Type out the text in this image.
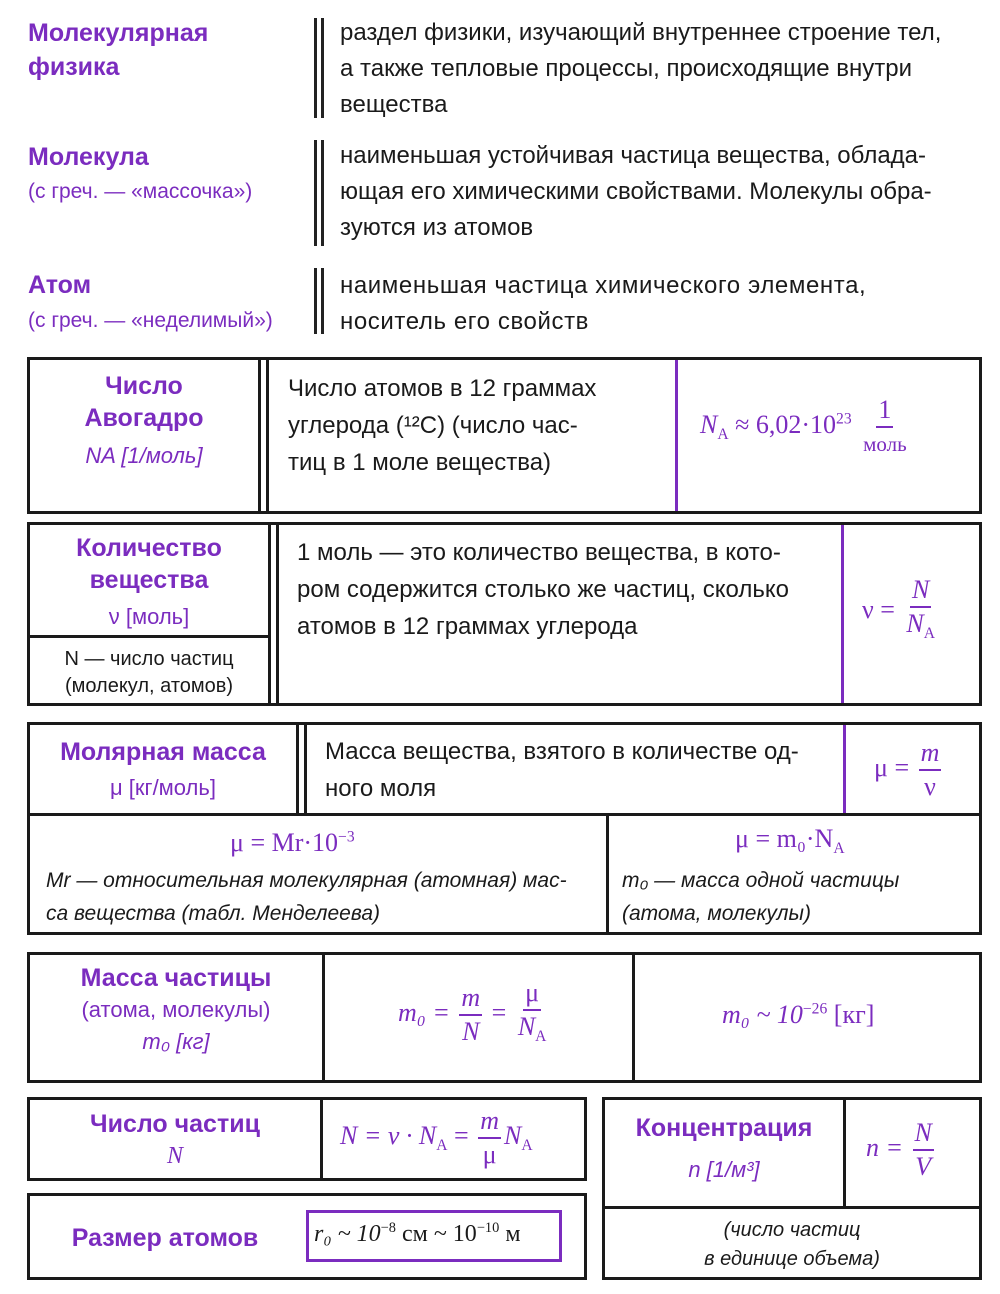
Молекулярная
физика
раздел физики, изучающий внутреннее строение тел,
а также тепловые процессы, происходящие внутри
вещества
Молекула
(с греч. — «массочка»)
наименьшая устойчивая частица вещества, облада-
ющая его химическими свойствами. Молекулы обра-
зуются из атомов
Атом
(с греч. — «неделимый»)
наименьшая частица химического элемента,
носитель его свойств
Число
Авогадро
NA [1/моль]
Число атомов в 12 граммах
углерода (¹²C) (число час-
тиц в 1 моле вещества)
$N_A \approx 6,02\cdot 10^{23} \frac{1}{\text{моль}}$
Количество
вещества
ν [моль]
N — число частиц
(молекул, атомов)
1 моль — это количество вещества, в кото-
ром содержится столько же частиц, сколько
атомов в 12 граммах углерода
$\nu = \frac{N}{N_A}$
Молярная масса
μ [кг/моль]
Масса вещества, взятого в количестве од-
ного моля
$\mu = \frac{m}{\nu}$
$\mu = Mr\cdot 10^{-3}$
Mr — относительная молекулярная (атомная) мас-
са вещества (табл. Менделеева)
$\mu = m_0\cdot N_A$
m₀ — масса одной частицы
(атома, молекулы)
Масса частицы
(атома, молекулы)
m₀ [кг]
$m_0 = \frac{m}{N} = \frac{\mu}{N_A}$	m₀ ~ $10^{-26}$ [кг]
Число частиц
N
$N = \nu \cdot N_A = \frac{m}{\mu} N_A$
Размер атомов	r₀ ~ $10^{-8}$ см ~ $10^{-10}$ м
Концентрация
n [1/м³]
$n = \frac{N}{V}$
(число частиц
в единице объема)
